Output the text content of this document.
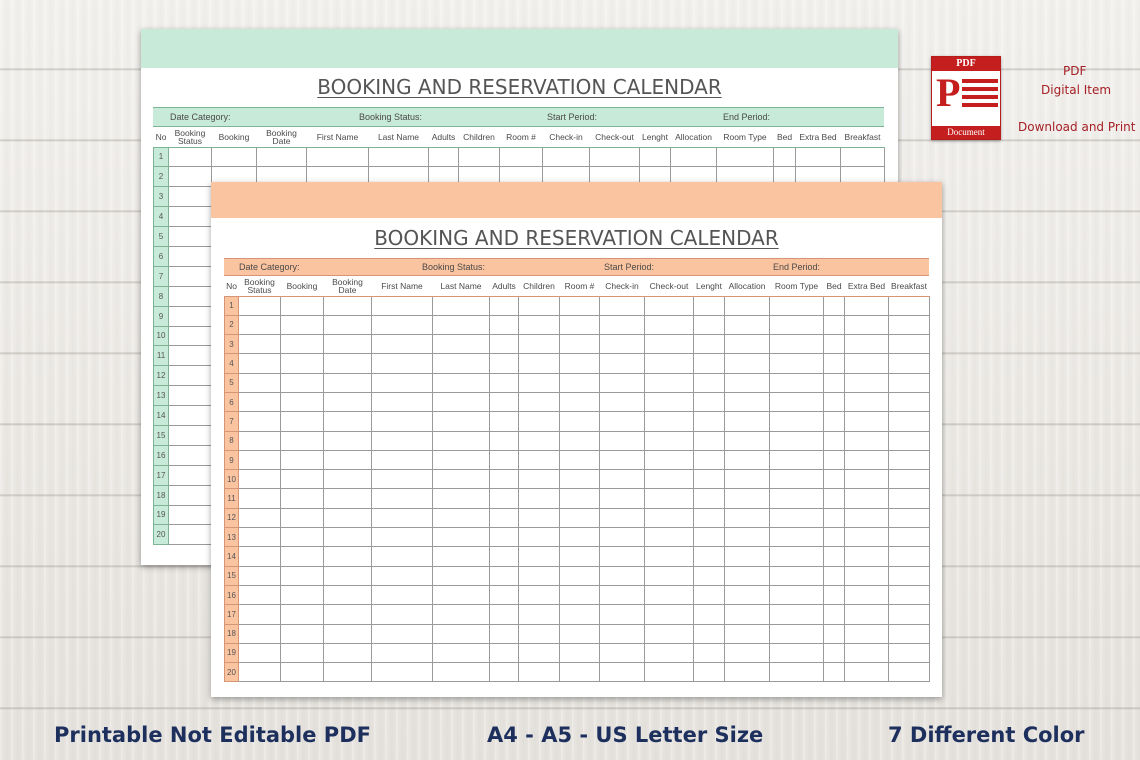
BOOKING AND RESERVATION CALENDAR
Date Category:	Booking Status:	Start Period:	End Period:
No	Booking Status	Booking	Booking Date	First Name	Last Name	Adults	Children	Room #	Check-in	Check-out	Lenght	Allocation	Room Type	Bed	Extra Bed	Breakfast
1																
2																
3																
4																
5																
6																
7																
8																
9																
10																
11																
12																
13																
14																
15																
16																
17																
18																
19																
20																
BOOKING AND RESERVATION CALENDAR
Date Category:	Booking Status:	Start Period:	End Period:
No	Booking Status	Booking	Booking Date	First Name	Last Name	Adults	Children	Room #	Check-in	Check-out	Lenght	Allocation	Room Type	Bed	Extra Bed	Breakfast
1																
2																
3																
4																
5																
6																
7																
8																
9																
10																
11																
12																
13																
14																
15																
16																
17																
18																
19																
20																
PDF
P
Document
PDF
Digital Item
Download and Print
Printable Not Editable PDF	A4 - A5 - US Letter Size	7 Different Color
